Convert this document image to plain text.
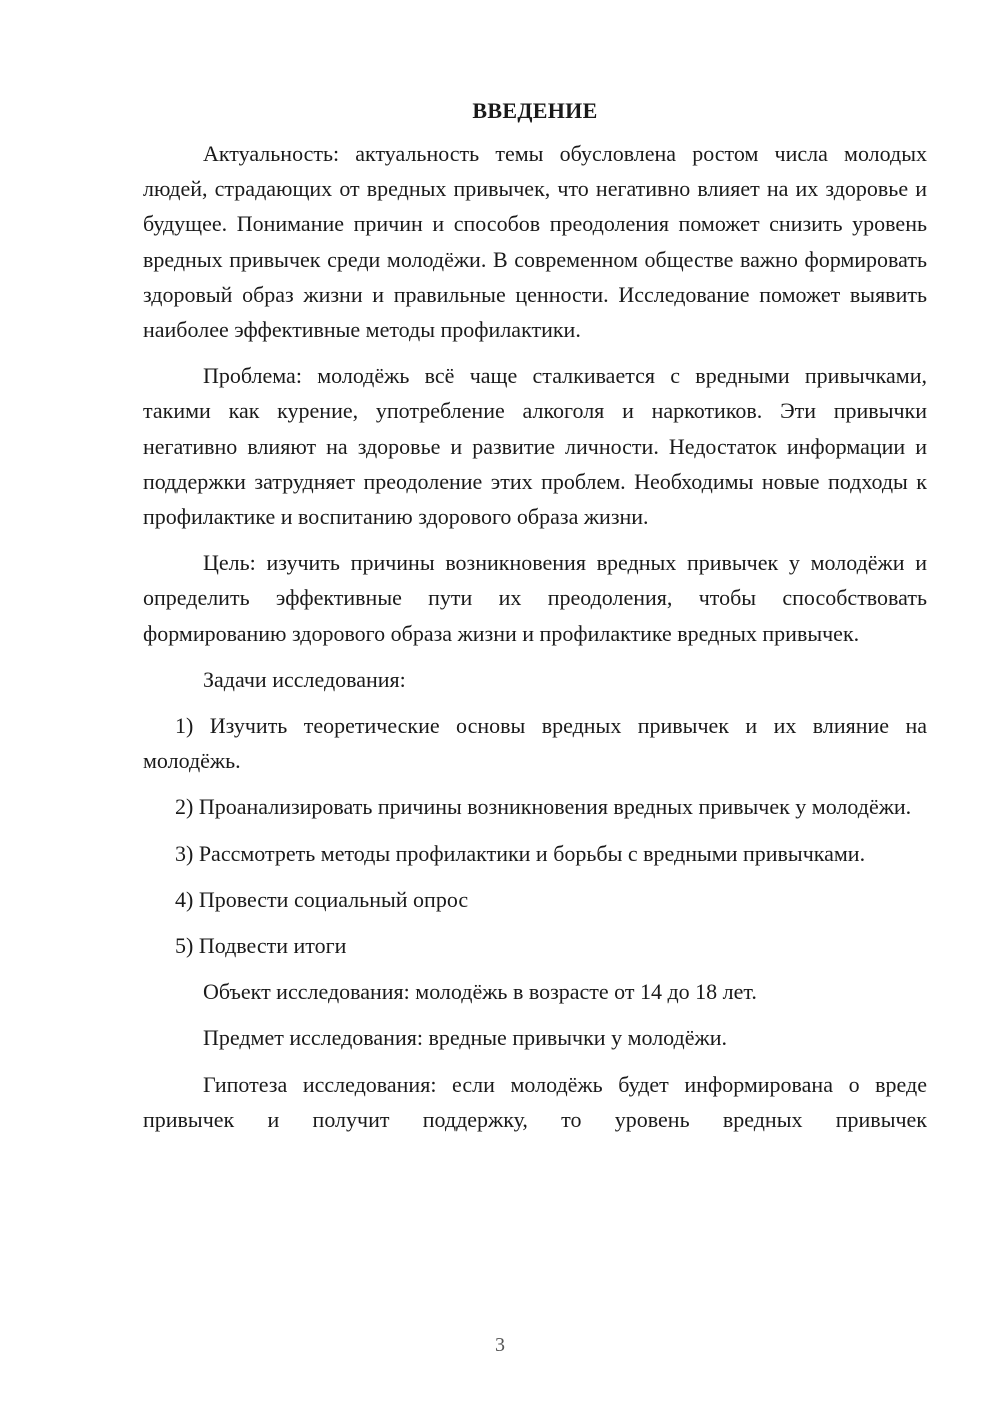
ВВЕДЕНИЕ

Актуальность: актуальность темы обусловлена ростом числа молодых людей, страдающих от вредных привычек, что негативно влияет на их здоровье и будущее. Понимание причин и способов преодоления поможет снизить уровень вредных привычек среди молодёжи. В современном обществе важно формировать здоровый образ жизни и правильные ценности. Исследование поможет выявить наиболее эффективные методы профилактики.

Проблема: молодёжь всё чаще сталкивается с вредными привычками, такими как курение, употребление алкоголя и наркотиков. Эти привычки негативно влияют на здоровье и развитие личности. Недостаток информации и поддержки затрудняет преодоление этих проблем. Необходимы новые подходы к профилактике и воспитанию здорового образа жизни.

Цель: изучить причины возникновения вредных привычек у молодёжи и определить эффективные пути их преодоления, чтобы способствовать формированию здорового образа жизни и профилактике вредных привычек.

Задачи исследования:

1) Изучить теоретические основы вредных привычек и их влияние на молодёжь.

2) Проанализировать причины возникновения вредных привычек у молодёжи.

3) Рассмотреть методы профилактики и борьбы с вредными привычками.

4) Провести социальный опрос

5) Подвести итоги

Объект исследования: молодёжь в возрасте от 14 до 18 лет.

Предмет исследования: вредные привычки у молодёжи.

Гипотеза исследования: если молодёжь будет информирована о вреде привычек и получит поддержку, то уровень вредных привычек

3
